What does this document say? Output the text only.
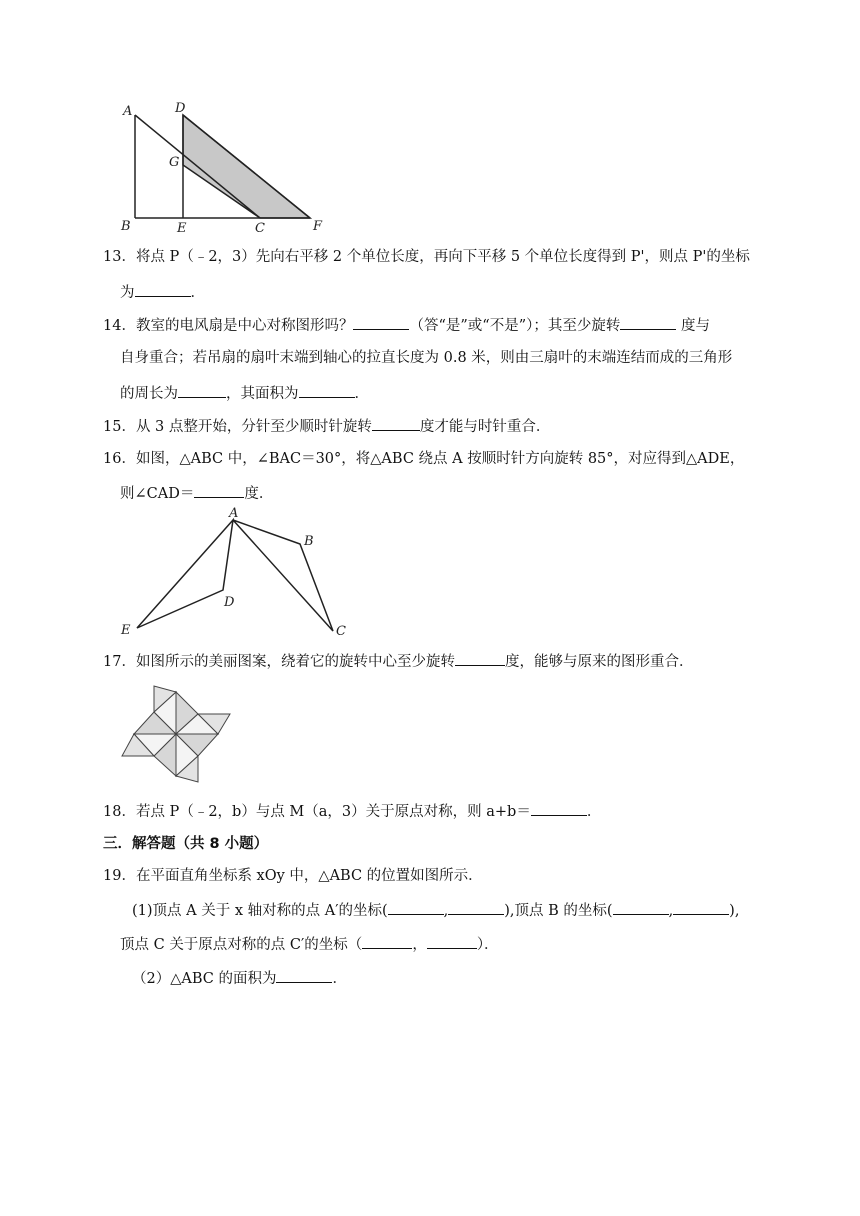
A	D
G
B	E	C	F
13．将点 P（﹣2，3）先向右平移 2 个单位长度，再向下平移 5 个单位长度得到 P'，则点 P'的坐标
为	．
14．教室的电风扇是中心对称图形吗？	（答“是”或“不是”）；其至少旋转	度与
自身重合；若吊扇的扇叶末端到轴心的拉直长度为 0.8 米，则由三扇叶的末端连结而成的三角形
的周长为	，其面积为	．
15．从 3 点整开始，分针至少顺时针旋转	度才能与时针重合．
16．如图，△ABC 中，∠BAC＝30°，将△ABC 绕点 A 按顺时针方向旋转 85°，对应得到△ADE，
则∠CAD＝	度．
A
B
D
E	C
17．如图所示的美丽图案，绕着它的旋转中心至少旋转	度，能够与原来的图形重合．
18．若点 P（﹣2，b）与点 M（a，3）关于原点对称，则 a+b＝	．
三．解答题（共 8 小题）
19．在平面直角坐标系 xOy 中，△ABC 的位置如图所示．
(1)顶点 A 关于 x 轴对称的点 A′的坐标(	,	),顶点 B 的坐标(	,	),
顶点 C 关于原点对称的点 C′的坐标（	，	）．
（2）△ABC 的面积为	．
